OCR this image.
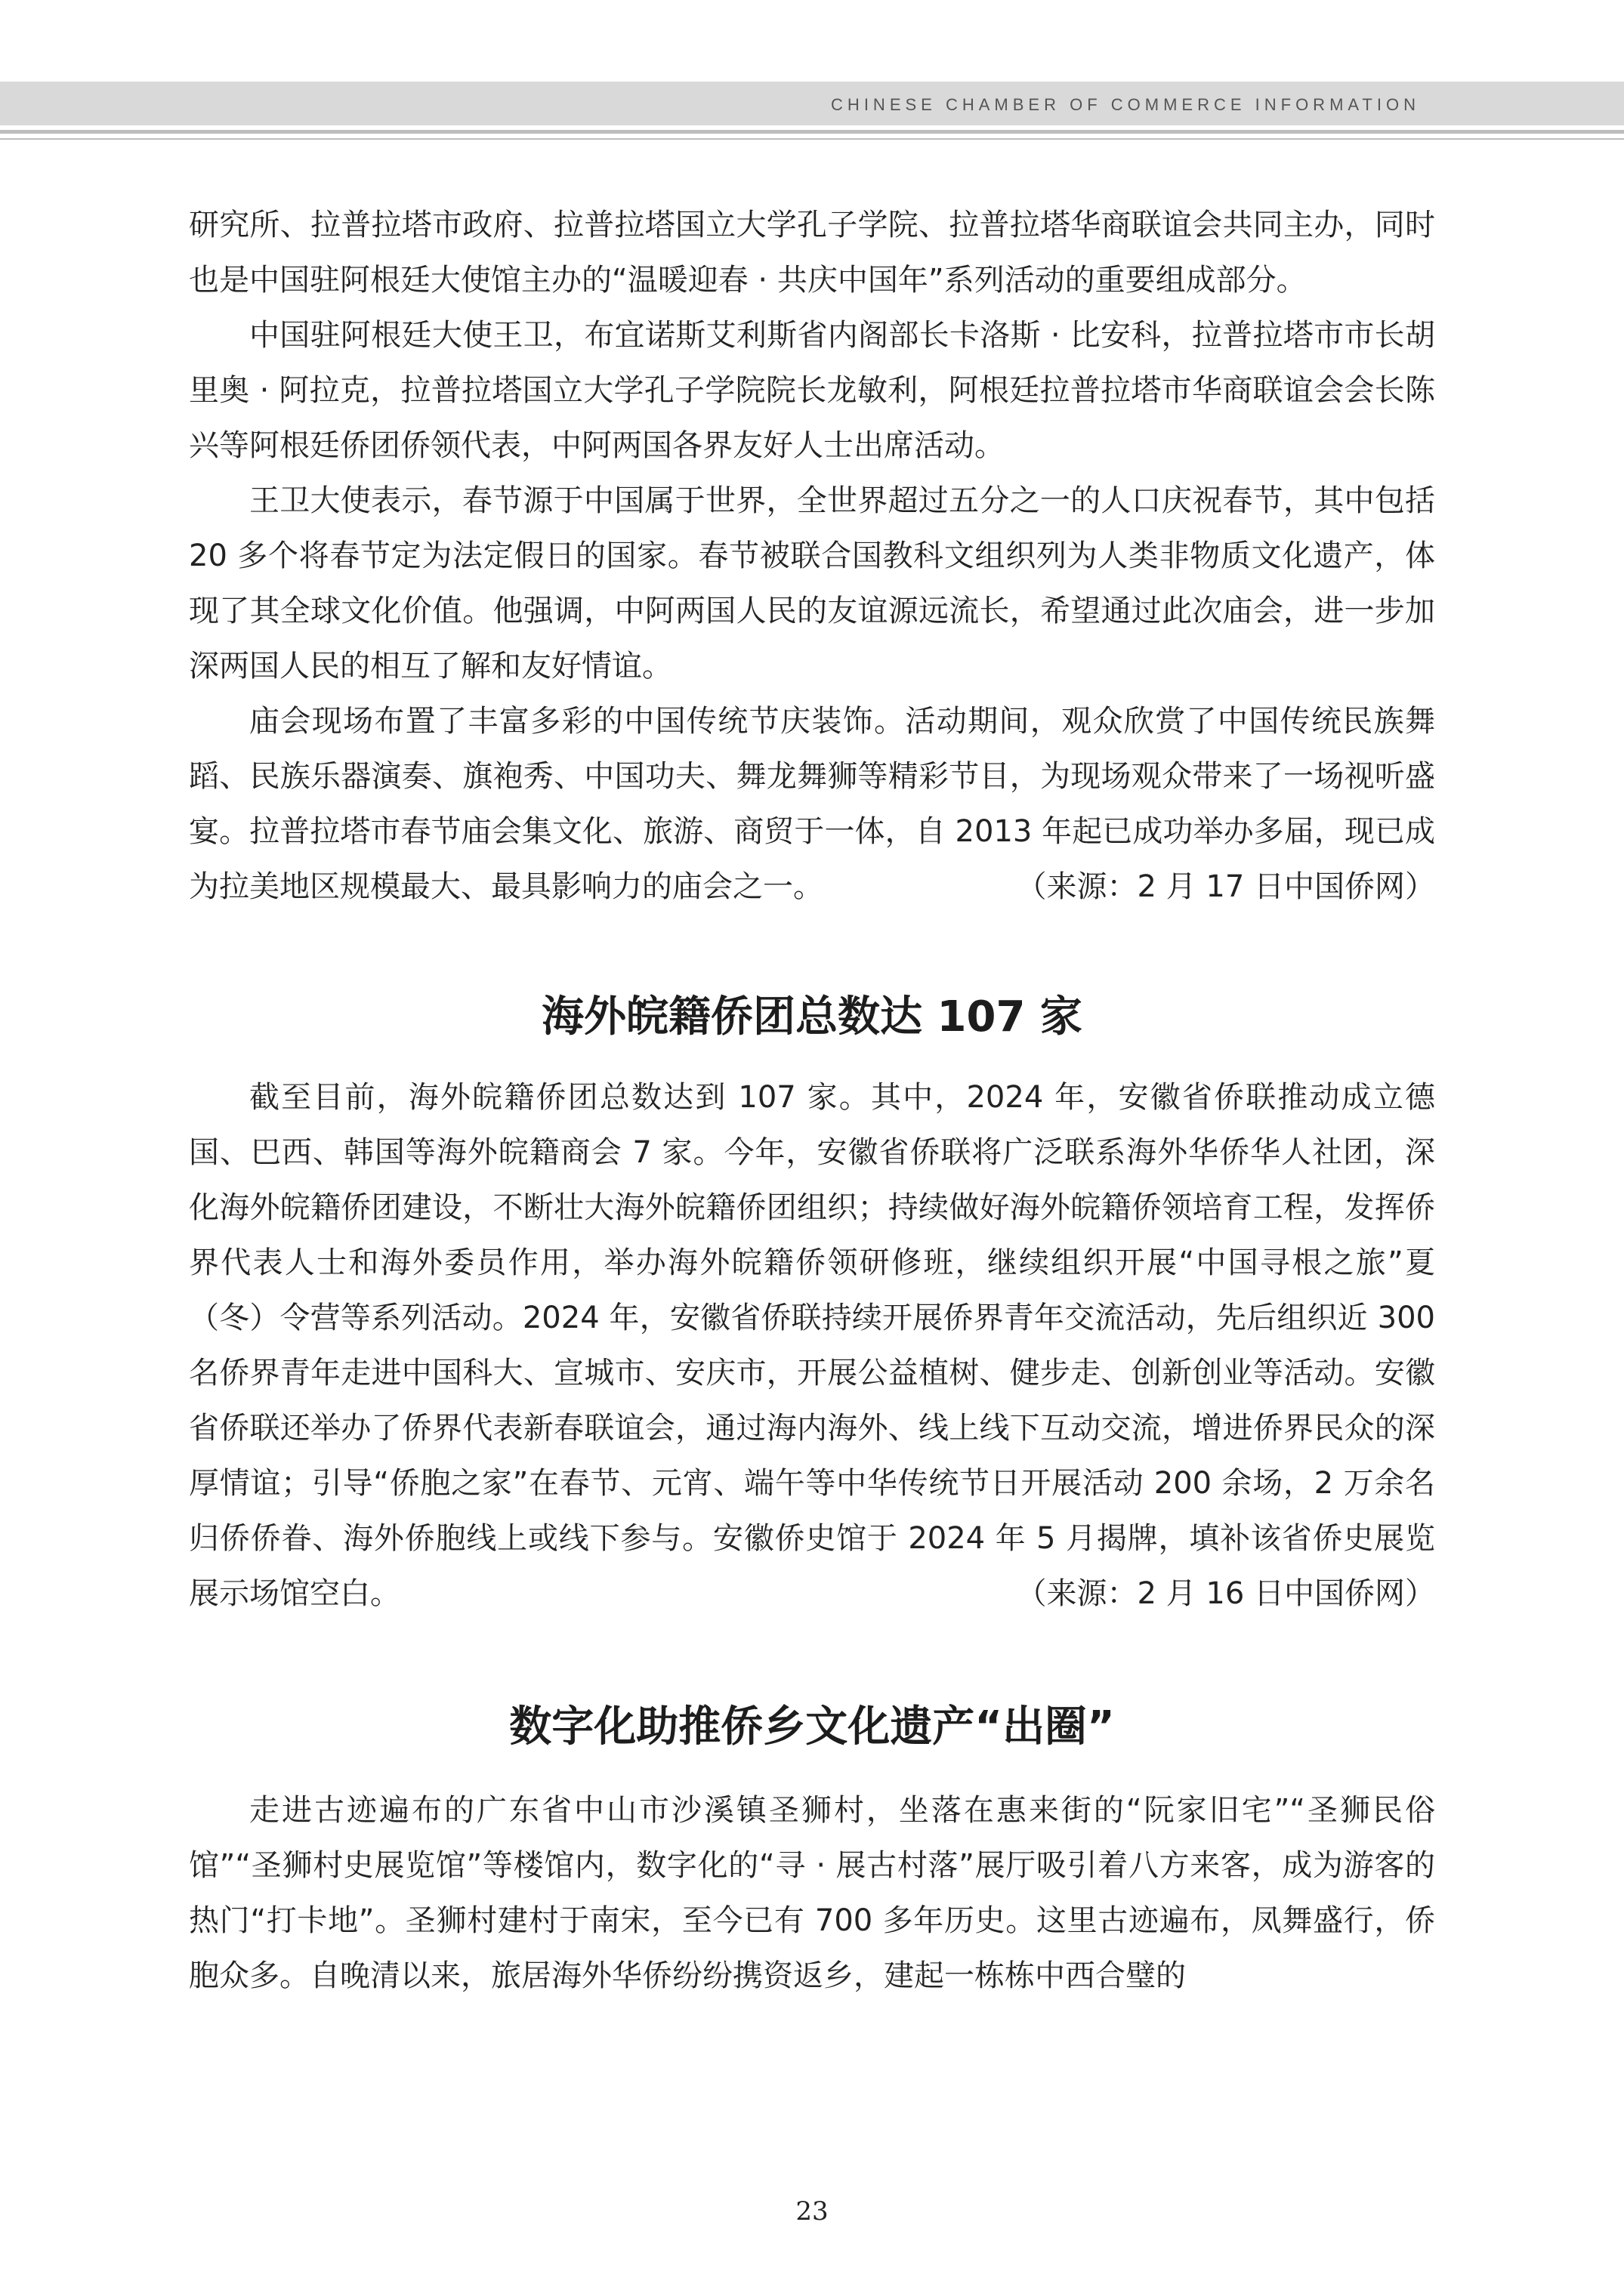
CHINESE CHAMBER OF COMMERCE INFORMATION

研究所、拉普拉塔市政府、拉普拉塔国立大学孔子学院、拉普拉塔华商联谊会共同主办，同时也是中国驻阿根廷大使馆主办的“温暖迎春 · 共庆中国年”系列活动的重要组成部分。

中国驻阿根廷大使王卫，布宜诺斯艾利斯省内阁部长卡洛斯 · 比安科，拉普拉塔市市长胡里奥 · 阿拉克，拉普拉塔国立大学孔子学院院长龙敏利，阿根廷拉普拉塔市华商联谊会会长陈兴等阿根廷侨团侨领代表，中阿两国各界友好人士出席活动。

王卫大使表示，春节源于中国属于世界，全世界超过五分之一的人口庆祝春节，其中包括 20 多个将春节定为法定假日的国家。春节被联合国教科文组织列为人类非物质文化遗产，体现了其全球文化价值。他强调，中阿两国人民的友谊源远流长，希望通过此次庙会，进一步加深两国人民的相互了解和友好情谊。

庙会现场布置了丰富多彩的中国传统节庆装饰。活动期间，观众欣赏了中国传统民族舞蹈、民族乐器演奏、旗袍秀、中国功夫、舞龙舞狮等精彩节目，为现场观众带来了一场视听盛宴。拉普拉塔市春节庙会集文化、旅游、商贸于一体，自 2013 年起已成功举办多届，现已成为拉美地区规模最大、最具影响力的庙会之一。	（来源：2 月 17 日中国侨网）
海外皖籍侨团总数达 107 家

截至目前，海外皖籍侨团总数达到 107 家。其中，2024 年，安徽省侨联推动成立德国、巴西、韩国等海外皖籍商会 7 家。今年，安徽省侨联将广泛联系海外华侨华人社团，深化海外皖籍侨团建设，不断壮大海外皖籍侨团组织；持续做好海外皖籍侨领培育工程，发挥侨界代表人士和海外委员作用，举办海外皖籍侨领研修班，继续组织开展“中国寻根之旅”夏（冬）令营等系列活动。2024 年，安徽省侨联持续开展侨界青年交流活动，先后组织近 300 名侨界青年走进中国科大、宣城市、安庆市，开展公益植树、健步走、创新创业等活动。安徽省侨联还举办了侨界代表新春联谊会，通过海内海外、线上线下互动交流，增进侨界民众的深厚情谊；引导“侨胞之家”在春节、元宵、端午等中华传统节日开展活动 200 余场，2 万余名归侨侨眷、海外侨胞线上或线下参与。安徽侨史馆于 2024 年 5 月揭牌，填补该省侨史展览展示场馆空白。	（来源：2 月 16 日中国侨网）
数字化助推侨乡文化遗产“出圈”

走进古迹遍布的广东省中山市沙溪镇圣狮村，坐落在惠来街的“阮家旧宅”“圣狮民俗馆”“圣狮村史展览馆”等楼馆内，数字化的“寻 · 展古村落”展厅吸引着八方来客，成为游客的热门“打卡地”。圣狮村建村于南宋，至今已有 700 多年历史。这里古迹遍布，凤舞盛行，侨胞众多。自晚清以来，旅居海外华侨纷纷携资返乡，建起一栋栋中西合璧的

23
